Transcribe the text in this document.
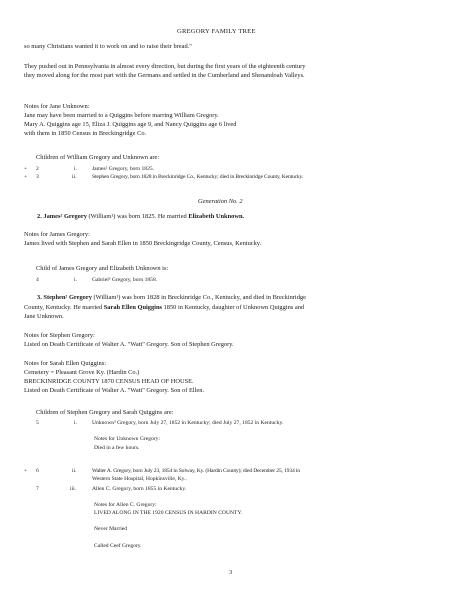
GREGORY FAMILY TREE
so many Christians wanted it to work on and to raise their bread."
They pushed out in Pennsylvania in almost every direction, but during the first years of the eighteenth century
they moved along for the most part with the Germans and settled in the Cumberland and Shenandoah Valleys.
Notes for Jane Unknown:
Jane may have been married to a Quiggins before marring William Gregory.
Mary A. Quiggins age 15, Eliza J. Quiggins age 9, and Nancy Quiggins age 6 lived
with them in 1850 Census in Breckingridge Co.
Children of William Gregory and Unknown are:
+ 2	i.	James² Gregory, born 1825.
+ 3	ii.	Stephen Gregory, born 1828 in Breckinridge Co., Kentucky; died in Breckinridge County, Kentucky.
Generation No. 2
2. James² Gregory (William¹) was born 1825. He married Elizabeth Unknown.
Notes for James Gregory:
James lived with Stephen and Sarah Ellen in 1850 Breckingridge County, Census, Kentucky.
Child of James Gregory and Elizabeth Unknown is:
4	i.	Gabriel³ Gregory, born 1858.
3. Stephen² Gregory (William¹) was born 1828 in Breckinridge Co., Kentucky, and died in Breckinridge
County, Kentucky. He married Sarah Ellen Quiggins 1850 in Kentucky, daughter of Unknown Quiggins and
Jane Unknown.
Notes for Stephen Gregory:
Listed on Death Certificate of Walter A. "Watt" Gregory. Son of Stephen Gregory.
Notes for Sarah Ellen Quiggins:
Cemetery = Pleasant Grove Ky. (Hardin Co.)
BRECKINRIDGE COUNTY 1870 CENSUS HEAD OF HOUSE.
Listed on Death Certificate of Walter A. "Watt" Gregory. Son of Ellen.
Children of Stephen Gregory and Sarah Quiggins are:
5	i.	Unknown³ Gregory, born July 27, 1852 in Kentucky; died July 27, 1852 in Kentucky.
Notes for Unknown Gregory:
Died in a few hours.
+ 6	ii.	Walter A. Gregory, born July 23, 1854 in Solway, Ky. (Hardin County); died December 25, 1934 in
Western State Hospital, Hopkinsville, Ky..
7	iii.	Allen C. Gregory, born 1855 in Kentucky.
Notes for Allen C. Gregory:
LIVED ALONG IN THE 1920 CENSUS IN HARDIN COUNTY.
Never Married
Called Ceef Gregory.
3
